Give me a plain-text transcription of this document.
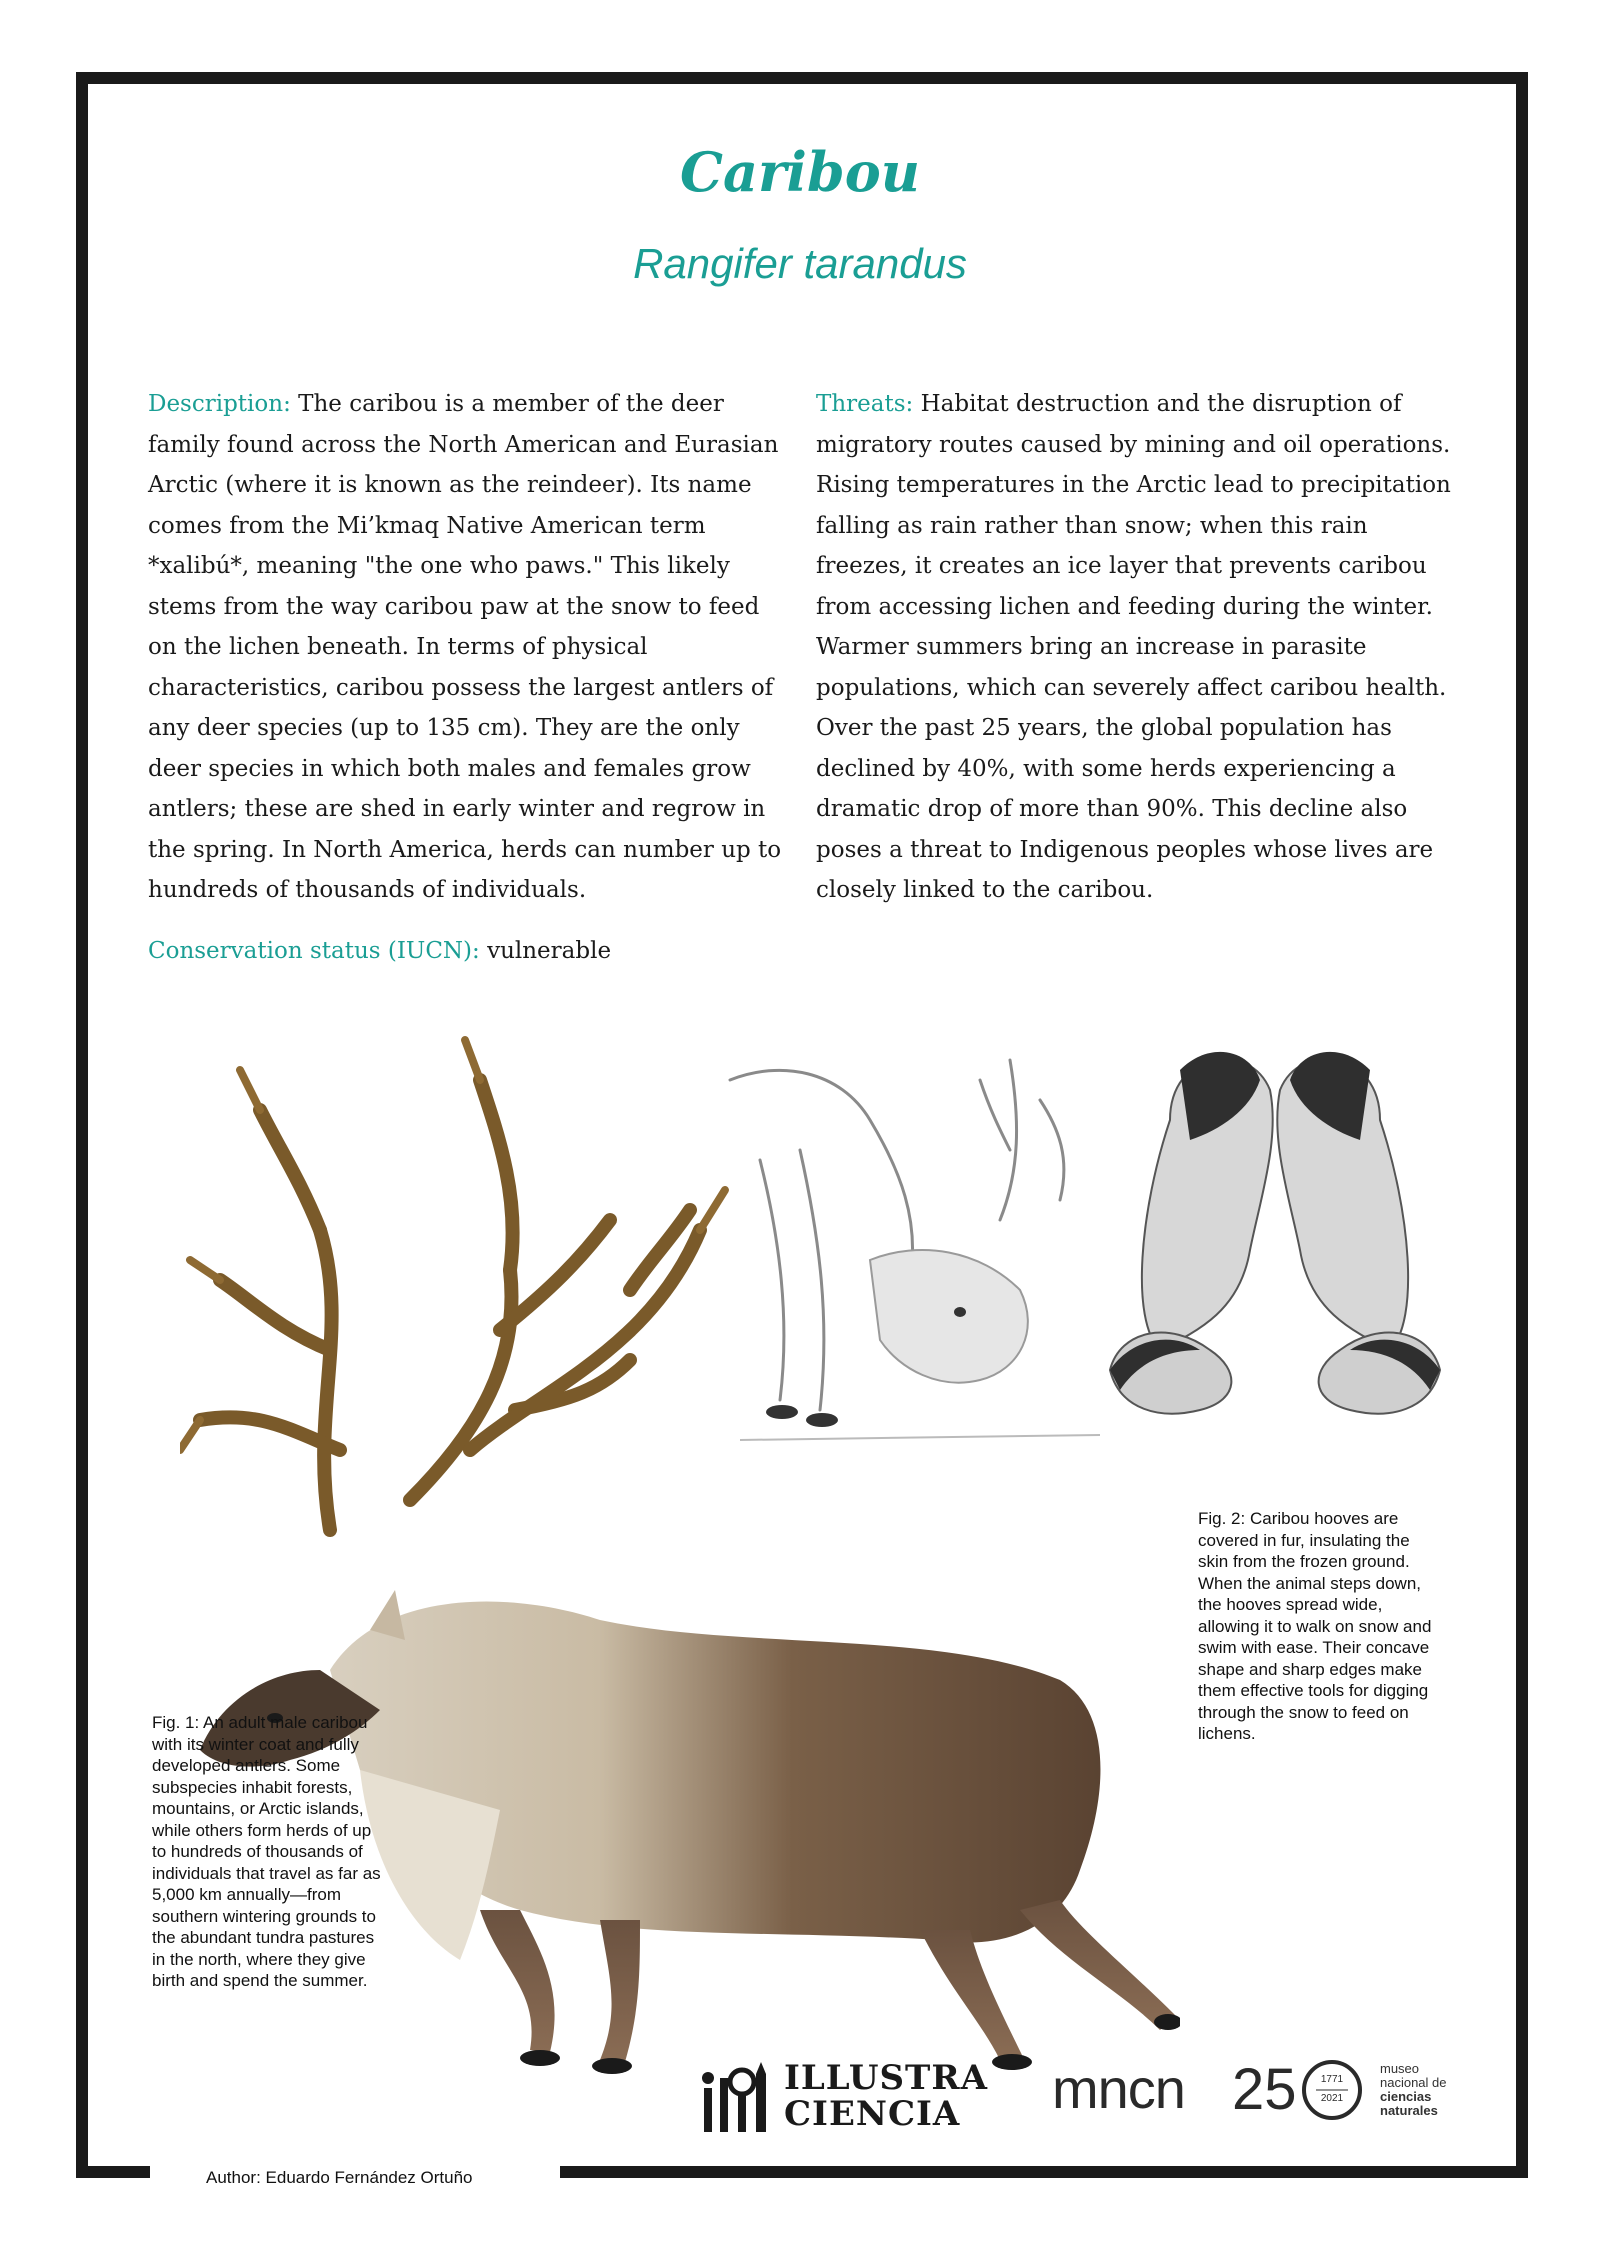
Caribou
Rangifer tarandus
Description: The caribou is a member of the deer family found across the North American and Eurasian Arctic (where it is known as the reindeer). Its name comes from the Mi’kmaq Native American term *xalibú*, meaning "the one who paws." This likely stems from the way caribou paw at the snow to feed on the lichen beneath. In terms of physical characteristics, caribou possess the largest antlers of any deer species (up to 135 cm). They are the only deer species in which both males and females grow antlers; these are shed in early winter and regrow in the spring. In North America, herds can number up to hundreds of thousands of individuals.
Threats: Habitat destruction and the disruption of migratory routes caused by mining and oil operations. Rising temperatures in the Arctic lead to precipitation falling as rain rather than snow; when this rain freezes, it creates an ice layer that prevents caribou from accessing lichen and feeding during the winter. Warmer summers bring an increase in parasite populations, which can severely affect caribou health. Over the past 25 years, the global population has declined by 40%, with some herds experiencing a dramatic drop of more than 90%. This decline also poses a threat to Indigenous peoples whose lives are closely linked to the caribou.
Conservation status (IUCN): vulnerable
Fig. 1: An adult male caribou with its winter coat and fully developed antlers. Some subspecies inhabit forests, mountains, or Arctic islands, while others form herds of up to hundreds of thousands of individuals that travel as far as 5,000 km annually—from southern wintering grounds to the abundant tundra pastures in the north, where they give birth and spend the summer.
Fig. 2: Caribou hooves are covered in fur, insulating the skin from the frozen ground. When the animal steps down, the hooves spread wide, allowing it to walk on snow and swim with ease. Their concave shape and sharp edges make them effective tools for digging through the snow to feed on lichens.
ILLUSTRA
CIENCIA	mncn 25	1771
2021
museo
nacional de
ciencias
naturales
Author: Eduardo Fernández Ortuño
